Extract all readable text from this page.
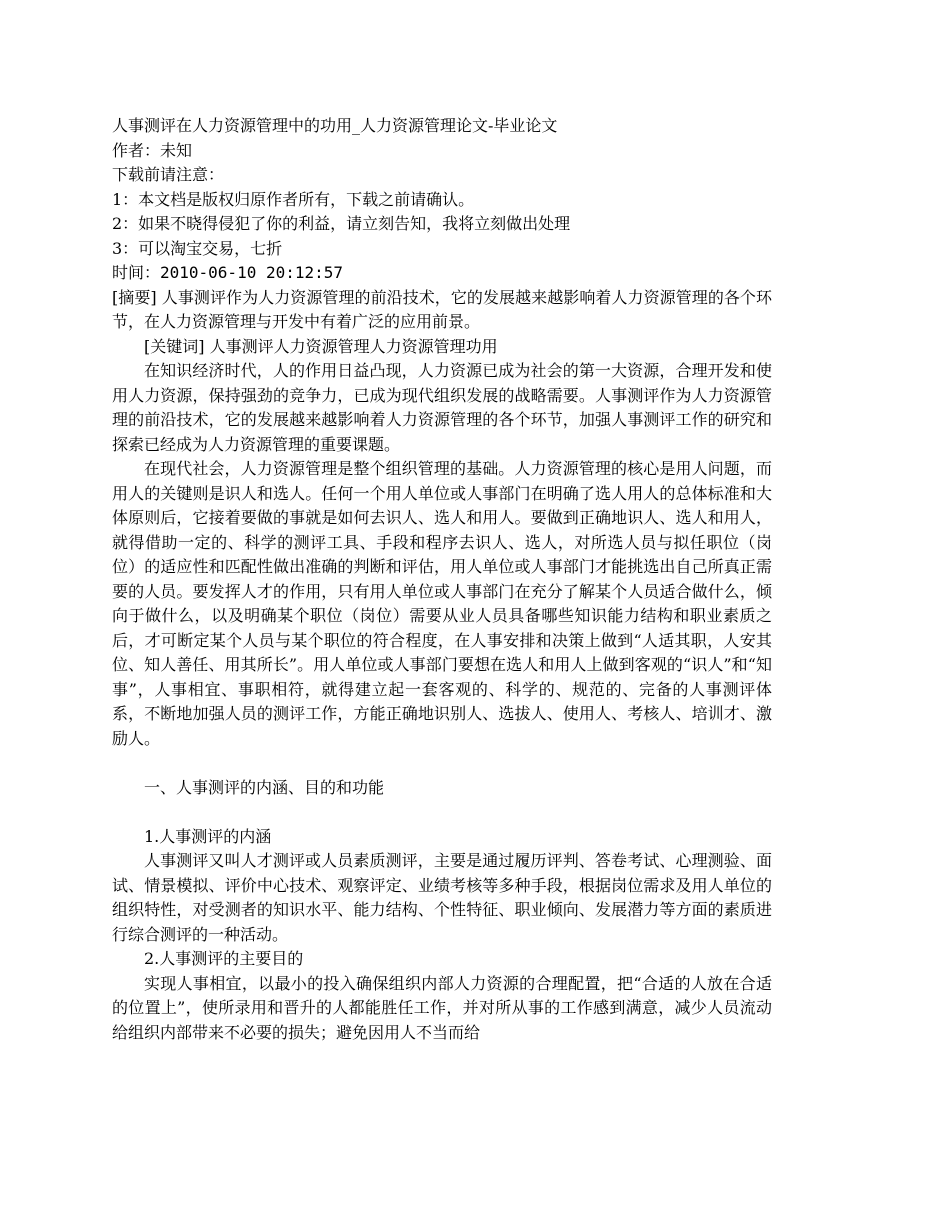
人事测评在人力资源管理中的功用_人力资源管理论文-毕业论文
作者：未知
下载前请注意：
1：本文档是版权归原作者所有，下载之前请确认。
2：如果不晓得侵犯了你的利益，请立刻告知，我将立刻做出处理
3：可以淘宝交易，七折
时间：2010-06-10 20:12:57

[摘要] 人事测评作为人力资源管理的前沿技术，它的发展越来越影响着人力资源管理的各个环节，在人力资源管理与开发中有着广泛的应用前景。

[关键词] 人事测评人力资源管理人力资源管理功用

在知识经济时代，人的作用日益凸现，人力资源已成为社会的第一大资源，合理开发和使用人力资源，保持强劲的竞争力，已成为现代组织发展的战略需要。人事测评作为人力资源管理的前沿技术，它的发展越来越影响着人力资源管理的各个环节，加强人事测评工作的研究和探索已经成为人力资源管理的重要课题。

在现代社会，人力资源管理是整个组织管理的基础。人力资源管理的核心是用人问题，而用人的关键则是识人和选人。任何一个用人单位或人事部门在明确了选人用人的总体标准和大体原则后，它接着要做的事就是如何去识人、选人和用人。要做到正确地识人、选人和用人，就得借助一定的、科学的测评工具、手段和程序去识人、选人，对所选人员与拟任职位（岗位）的适应性和匹配性做出准确的判断和评估，用人单位或人事部门才能挑选出自己所真正需要的人员。要发挥人才的作用，只有用人单位或人事部门在充分了解某个人员适合做什么，倾向于做什么，以及明确某个职位（岗位）需要从业人员具备哪些知识能力结构和职业素质之后，才可断定某个人员与某个职位的符合程度，在人事安排和决策上做到“人适其职，人安其位、知人善任、用其所长”。用人单位或人事部门要想在选人和用人上做到客观的“识人”和“知事”，人事相宜、事职相符，就得建立起一套客观的、科学的、规范的、完备的人事测评体系，不断地加强人员的测评工作，方能正确地识别人、选拔人、使用人、考核人、培训才、激励人。

一、人事测评的内涵、目的和功能

1.人事测评的内涵

人事测评又叫人才测评或人员素质测评，主要是通过履历评判、答卷考试、心理测验、面试、情景模拟、评价中心技术、观察评定、业绩考核等多种手段，根据岗位需求及用人单位的组织特性，对受测者的知识水平、能力结构、个性特征、职业倾向、发展潜力等方面的素质进行综合测评的一种活动。

2.人事测评的主要目的

实现人事相宜，以最小的投入确保组织内部人力资源的合理配置，把“合适的人放在合适的位置上”，使所录用和晋升的人都能胜任工作，并对所从事的工作感到满意，减少人员流动给组织内部带来不必要的损失；避免因用人不当而给
